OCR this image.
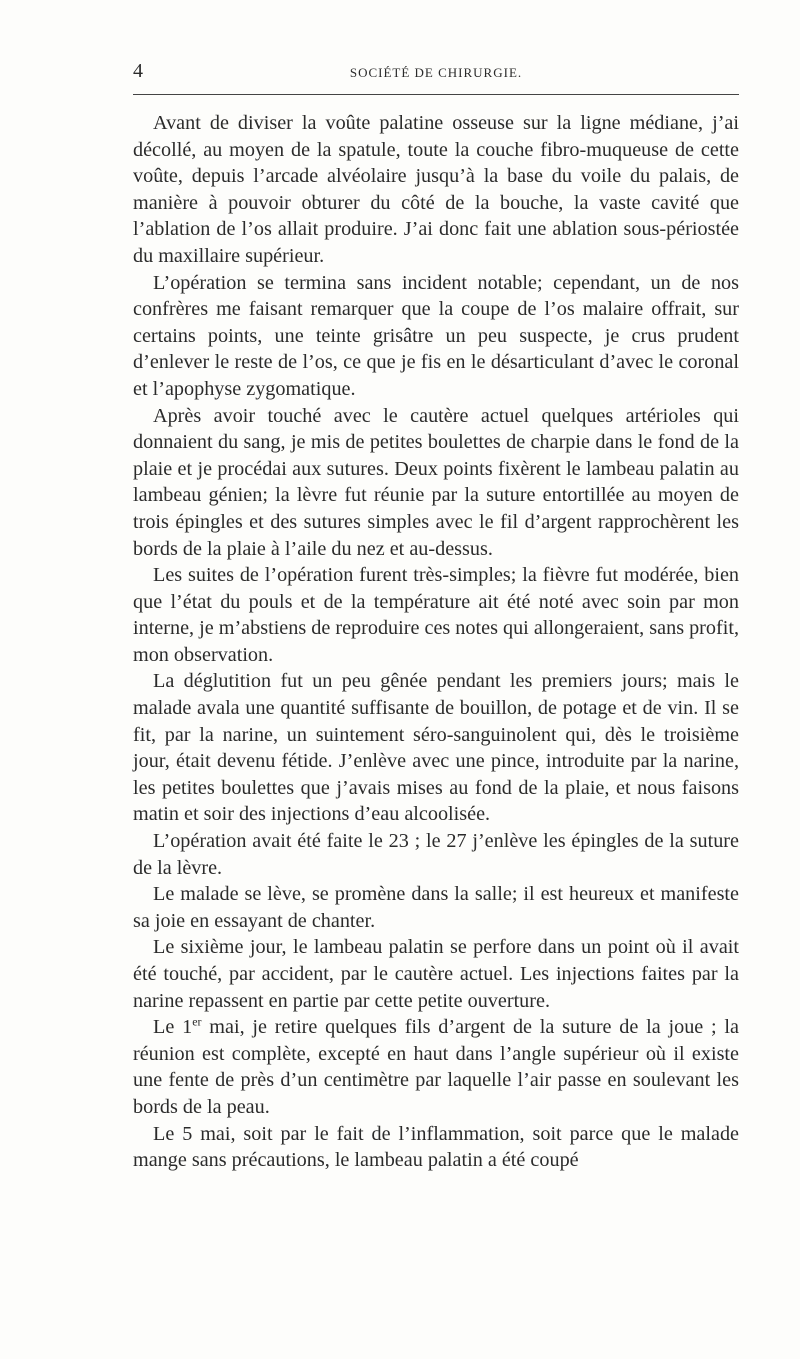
4	SOCIÉTÉ DE CHIRURGIE.

Avant de diviser la voûte palatine osseuse sur la ligne médiane, j’ai décollé, au moyen de la spatule, toute la couche fibro-muqueuse de cette voûte, depuis l’arcade alvéolaire jusqu’à la base du voile du palais, de manière à pouvoir obturer du côté de la bouche, la vaste cavité que l’ablation de l’os allait produire. J’ai donc fait une ablation sous-périostée du maxillaire supérieur.

L’opération se termina sans incident notable; cependant, un de nos confrères me faisant remarquer que la coupe de l’os malaire offrait, sur certains points, une teinte grisâtre un peu suspecte, je crus prudent d’enlever le reste de l’os, ce que je fis en le désarticulant d’avec le coronal et l’apophyse zygomatique.

Après avoir touché avec le cautère actuel quelques artérioles qui donnaient du sang, je mis de petites boulettes de charpie dans le fond de la plaie et je procédai aux sutures. Deux points fixèrent le lambeau palatin au lambeau génien; la lèvre fut réunie par la suture entortillée au moyen de trois épingles et des sutures simples avec le fil d’argent rapprochèrent les bords de la plaie à l’aile du nez et au-dessus.

Les suites de l’opération furent très-simples; la fièvre fut modérée, bien que l’état du pouls et de la température ait été noté avec soin par mon interne, je m’abstiens de reproduire ces notes qui allongeraient, sans profit, mon observation.

La déglutition fut un peu gênée pendant les premiers jours; mais le malade avala une quantité suffisante de bouillon, de potage et de vin. Il se fit, par la narine, un suintement séro-sanguinolent qui, dès le troisième jour, était devenu fétide. J’enlève avec une pince, introduite par la narine, les petites boulettes que j’avais mises au fond de la plaie, et nous faisons matin et soir des injections d’eau alcoolisée.

L’opération avait été faite le 23 ; le 27 j’enlève les épingles de la suture de la lèvre.

Le malade se lève, se promène dans la salle; il est heureux et manifeste sa joie en essayant de chanter.

Le sixième jour, le lambeau palatin se perfore dans un point où il avait été touché, par accident, par le cautère actuel. Les injections faites par la narine repassent en partie par cette petite ouverture.

Le 1er mai, je retire quelques fils d’argent de la suture de la joue ; la réunion est complète, excepté en haut dans l’angle supérieur où il existe une fente de près d’un centimètre par laquelle l’air passe en soulevant les bords de la peau.

Le 5 mai, soit par le fait de l’inflammation, soit parce que le malade mange sans précautions, le lambeau palatin a été coupé
